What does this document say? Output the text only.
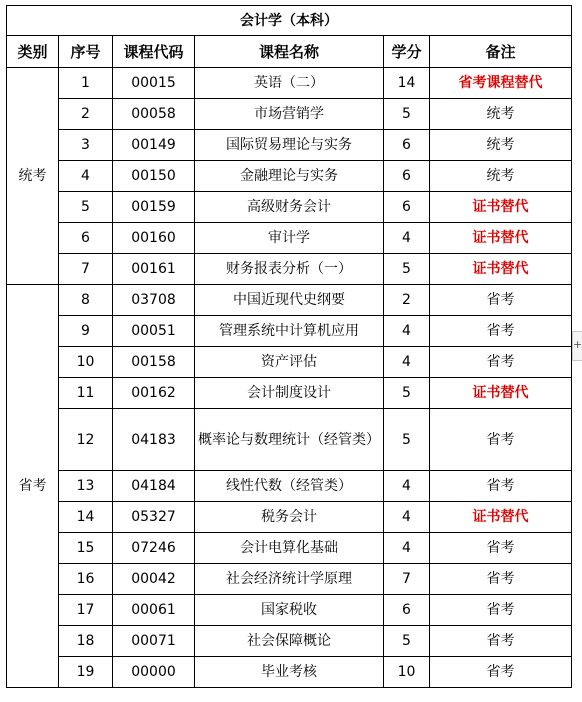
会计学（本科）					
类别	序号	课程代码	课程名称	学分	备注
统考	1	00015	英语（二）	14	省考课程替代
	2	00058	市场营销学	5	统考
	3	00149	国际贸易理论与实务	6	统考
	4	00150	金融理论与实务	6	统考
	5	00159	高级财务会计	6	证书替代
	6	00160	审计学	4	证书替代
	7	00161	财务报表分析（一）	5	证书替代
省考	8	03708	中国近现代史纲要	2	省考
	9	00051	管理系统中计算机应用	4	省考
	10	00158	资产评估	4	省考
	11	00162	会计制度设计	5	证书替代
	12	04183	概率论与数理统计（经管类）	5	省考
	13	04184	线性代数（经管类）	4	省考
	14	05327	税务会计	4	证书替代
	15	07246	会计电算化基础	4	省考
	16	00042	社会经济统计学原理	7	省考
	17	00061	国家税收	6	省考
	18	00071	社会保障概论	5	省考
	19	00000	毕业考核	10	省考
+
